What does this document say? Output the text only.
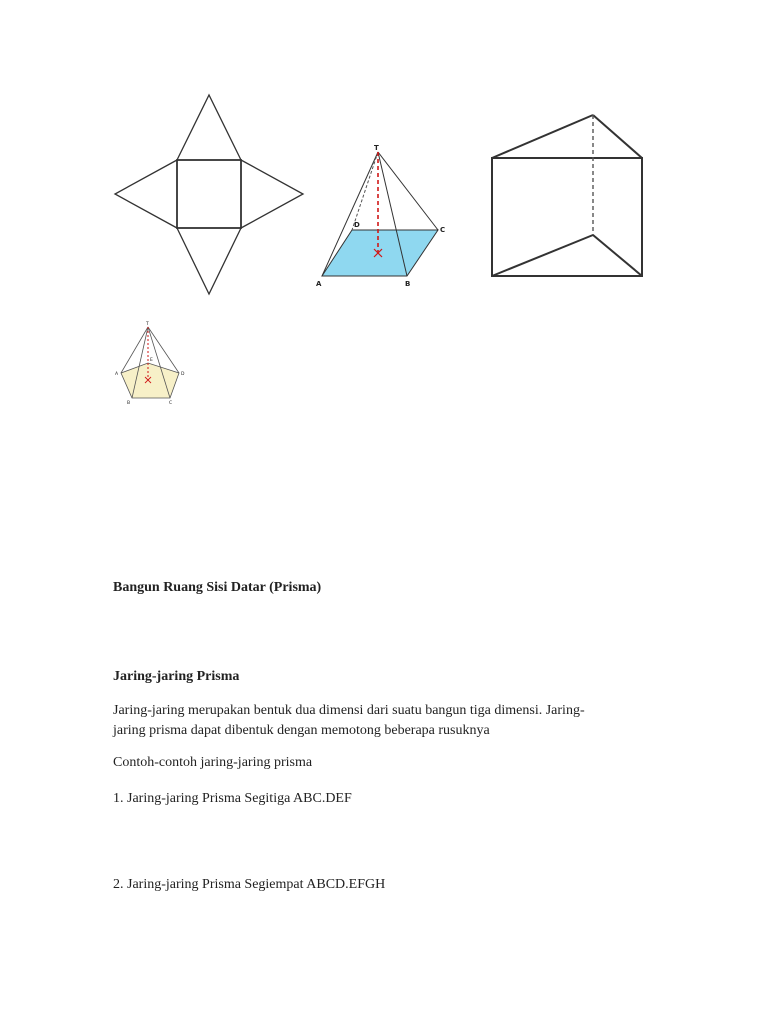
T
A	B
C
D
T
A
B	C
D
E

Bangun Ruang Sisi Datar (Prisma)

Jaring-jaring Prisma

Jaring-jaring merupakan bentuk dua dimensi dari suatu bangun tiga dimensi. Jaring-
jaring prisma dapat dibentuk dengan memotong beberapa rusuknya

Contoh-contoh jaring-jaring prisma

1. Jaring-jaring Prisma Segitiga ABC.DEF

2. Jaring-jaring Prisma Segiempat ABCD.EFGH
